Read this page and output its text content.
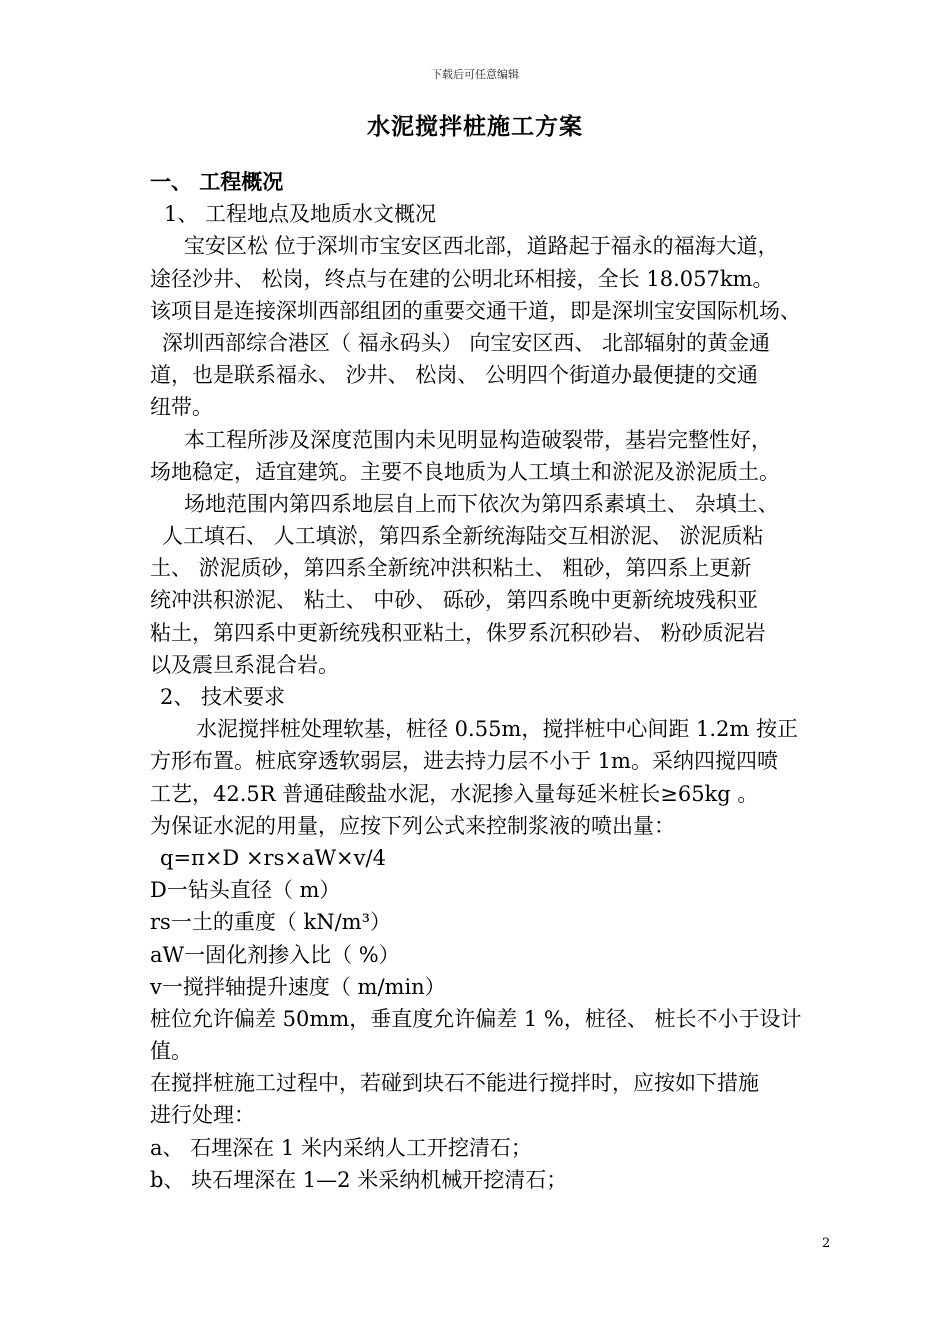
下载后可任意编辑
水泥搅拌桩施工方案
一、 工程概况
1、 工程地点及地质水文概况
宝安区松 位于深圳市宝安区西北部，道路起于福永的福海大道，
途径沙井、 松岗，终点与在建的公明北环相接，全长 18.057km。
该项目是连接深圳西部组团的重要交通干道，即是深圳宝安国际机场、
深圳西部综合港区（ 福永码头） 向宝安区西、 北部辐射的黄金通
道，也是联系福永、 沙井、 松岗、 公明四个街道办最便捷的交通
纽带。
本工程所涉及深度范围内未见明显构造破裂带，基岩完整性好，
场地稳定，适宜建筑。主要不良地质为人工填土和淤泥及淤泥质土。
场地范围内第四系地层自上而下依次为第四系素填土、 杂填土、
人工填石、 人工填淤，第四系全新统海陆交互相淤泥、 淤泥质粘
土、 淤泥质砂，第四系全新统冲洪积粘土、 粗砂，第四系上更新
统冲洪积淤泥、 粘土、 中砂、 砾砂，第四系晚中更新统坡残积亚
粘土，第四系中更新统残积亚粘土，侏罗系沉积砂岩、 粉砂质泥岩
以及震旦系混合岩。
2、 技术要求
水泥搅拌桩处理软基，桩径 0.55m，搅拌桩中心间距 1.2m 按正
方形布置。桩底穿透软弱层，进去持力层不小于 1m。采纳四搅四喷
工艺，42.5R 普通硅酸盐水泥，水泥掺入量每延米桩长≥65kg 。
为保证水泥的用量，应按下列公式来控制浆液的喷出量：
q=π×D ×rs×aW×v/4
D一钻头直径（ m）
rs一土的重度（ kN/m³）
aW一固化剂掺入比（ %）
v一搅拌轴提升速度（ m/min）
桩位允许偏差 50mm，垂直度允许偏差 1 %，桩径、 桩长不小于设计
值。
在搅拌桩施工过程中，若碰到块石不能进行搅拌时，应按如下措施
进行处理：
a、 石埋深在 1 米内采纳人工开挖清石；
b、 块石埋深在 1—2 米采纳机械开挖清石；
2
